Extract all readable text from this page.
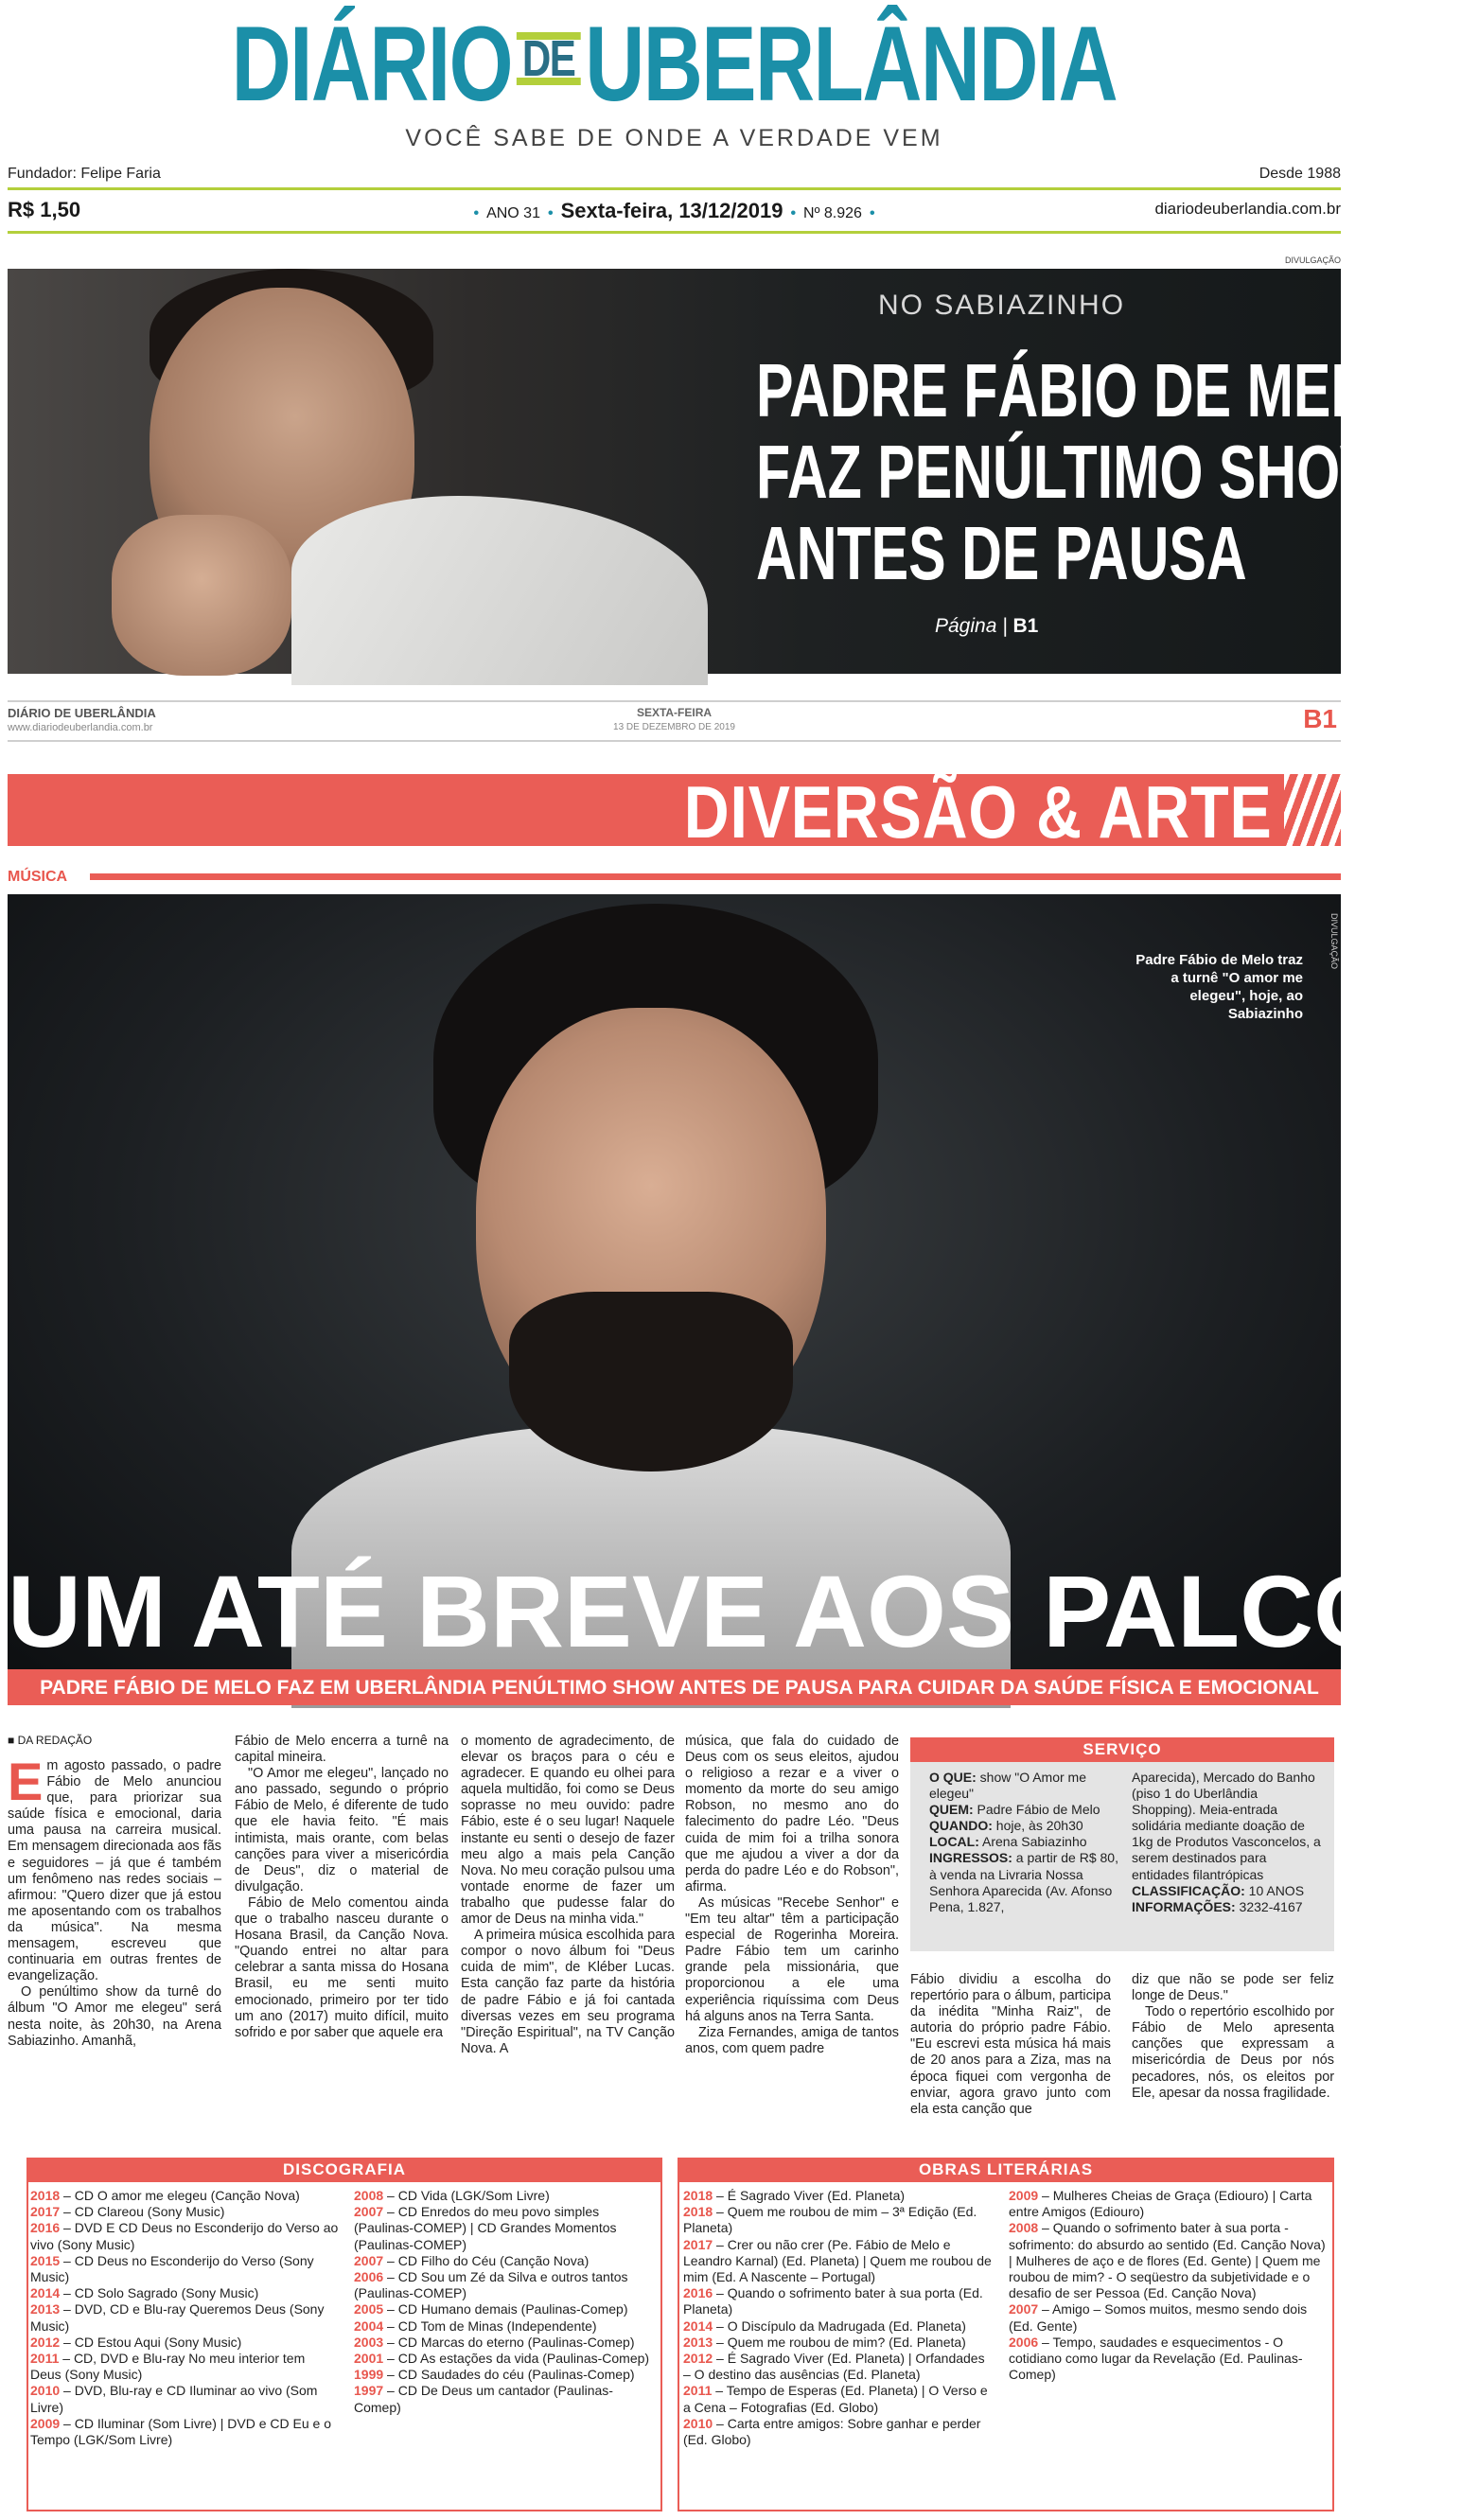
DIÁRIO DEUBERLÂNDIA
VOCÊ SABE DE ONDE A VERDADE VEM
Fundador: Felipe Faria	Desde 1988
R$ 1,50	• ANO 31 • Sexta-feira, 13/12/2019 • Nº 8.926 •	diariodeuberlandia.com.br
NO SABIAZINHO
PADRE FÁBIO DE MELO
FAZ PENÚLTIMO SHOW
ANTES DE PAUSA
Página | B1
DIVULGAÇÃO
DIÁRIO DE UBERLÂNDIA
www.diariodeuberlandia.com.br
SEXTA-FEIRA
13 DE DEZEMBRO DE 2019	B1
DIVERSÃO & ARTE
MÚSICA
Padre Fábio de Melo traz a turnê "O amor me elegeu", hoje, ao Sabiazinho
DIVULGAÇÃO
UM ATÉ BREVE AOS PALCOS
PADRE FÁBIO DE MELO FAZ EM UBERLÂNDIA PENÚLTIMO SHOW ANTES DE PAUSA PARA CUIDAR DA SAÚDE FÍSICA E EMOCIONAL
■ DA REDAÇÃO

Em agosto passado, o padre Fábio de Melo anunciou que, para priorizar sua saúde física e emocional, daria uma pausa na carreira musical. Em mensagem direcionada aos fãs e seguidores – já que é também um fenômeno nas redes sociais – afirmou: "Quero dizer que já estou me aposentando com os trabalhos da música". Na mesma mensagem, escreveu que continuaria em outras frentes de evangelização.

O penúltimo show da turnê do álbum "O Amor me elegeu" será nesta noite, às 20h30, na Arena Sabiazinho. Amanhã,

Fábio de Melo encerra a turnê na capital mineira.

"O Amor me elegeu", lançado no ano passado, segundo o próprio Fábio de Melo, é diferente de tudo que ele havia feito. "É mais intimista, mais orante, com belas canções para viver a misericórdia de Deus", diz o material de divulgação.

Fábio de Melo comentou ainda que o trabalho nasceu durante o Hosana Brasil, da Canção Nova. "Quando entrei no altar para celebrar a santa missa do Hosana Brasil, eu me senti muito emocionado, primeiro por ter tido um ano (2017) muito difícil, muito sofrido e por saber que aquele era

o momento de agradecimento, de elevar os braços para o céu e agradecer. E quando eu olhei para aquela multidão, foi como se Deus soprasse no meu ouvido: padre Fábio, este é o seu lugar! Naquele instante eu senti o desejo de fazer meu algo a mais pela Canção Nova. No meu coração pulsou uma vontade enorme de fazer um trabalho que pudesse falar do amor de Deus na minha vida."

A primeira música escolhida para compor o novo álbum foi "Deus cuida de mim", de Kléber Lucas. Esta canção faz parte da história de padre Fábio e já foi cantada diversas vezes em seu programa "Direção Espiritual", na TV Canção Nova. A

música, que fala do cuidado de Deus com os seus eleitos, ajudou o religioso a rezar e a viver o momento da morte do seu amigo Robson, no mesmo ano do falecimento do padre Léo. "Deus cuida de mim foi a trilha sonora que me ajudou a viver a dor da perda do padre Léo e do Robson", afirma.

As músicas "Recebe Senhor" e "Em teu altar" têm a participação especial de Rogerinha Moreira. Padre Fábio tem um carinho grande pela missionária, que proporcionou a ele uma experiência riquíssima com Deus há alguns anos na Terra Santa.

Ziza Fernandes, amiga de tantos anos, com quem padre

SERVIÇO
O QUE: show "O Amor me elegeu"
QUEM: Padre Fábio de Melo
QUANDO: hoje, às 20h30
LOCAL: Arena Sabiazinho
INGRESSOS: a partir de R$ 80, à venda na Livraria Nossa Senhora Aparecida (Av. Afonso Pena, 1.827,
Aparecida), Mercado do Banho (piso 1 do Uberlândia Shopping). Meia-entrada solidária mediante doação de 1kg de Produtos Vasconcelos, a serem destinados para entidades filantrópicas
CLASSIFICAÇÃO: 10 ANOS
INFORMAÇÕES: 3232-4167

Fábio dividiu a escolha do repertório para o álbum, participa da inédita "Minha Raiz", de autoria do próprio padre Fábio. "Eu escrevi esta música há mais de 20 anos para a Ziza, mas na época fiquei com vergonha de enviar, agora gravo junto com ela esta canção que

diz que não se pode ser feliz longe de Deus."

Todo o repertório escolhido por Fábio de Melo apresenta canções que expressam a misericórdia de Deus por nós pecadores, nós, os eleitos por Ele, apesar da nossa fragilidade.

DISCOGRAFIA
2018 – CD O amor me elegeu (Canção Nova)
2017 – CD Clareou (Sony Music)
2016 – DVD E CD Deus no Esconderijo do Verso ao vivo (Sony Music)
2015 – CD Deus no Esconderijo do Verso (Sony Music)
2014 – CD Solo Sagrado (Sony Music)
2013 – DVD, CD e Blu-ray Queremos Deus (Sony Music)
2012 – CD Estou Aqui (Sony Music)
2011 – CD, DVD e Blu-ray No meu interior tem Deus (Sony Music)
2010 – DVD, Blu-ray e CD Iluminar ao vivo (Som Livre)
2009 – CD Iluminar (Som Livre) | DVD e CD Eu e o Tempo (LGK/Som Livre)
2008 – CD Vida (LGK/Som Livre)
2007 – CD Enredos do meu povo simples (Paulinas-COMEP) | CD Grandes Momentos (Paulinas-COMEP)
2007 – CD Filho do Céu (Canção Nova)
2006 – CD Sou um Zé da Silva e outros tantos (Paulinas-COMEP)
2005 – CD Humano demais (Paulinas-Comep)
2004 – CD Tom de Minas (Independente)
2003 – CD Marcas do eterno (Paulinas-Comep)
2001 – CD As estações da vida (Paulinas-Comep)
1999 – CD Saudades do céu (Paulinas-Comep)
1997 – CD De Deus um cantador (Paulinas-Comep)
OBRAS LITERÁRIAS
2018 – É Sagrado Viver (Ed. Planeta)
2018 – Quem me roubou de mim – 3ª Edição (Ed. Planeta)
2017 – Crer ou não crer (Pe. Fábio de Melo e Leandro Karnal) (Ed. Planeta) | Quem me roubou de mim (Ed. A Nascente – Portugal)
2016 – Quando o sofrimento bater à sua porta (Ed. Planeta)
2014 – O Discípulo da Madrugada (Ed. Planeta)
2013 – Quem me roubou de mim? (Ed. Planeta)
2012 – É Sagrado Viver (Ed. Planeta) | Orfandades – O destino das ausências (Ed. Planeta)
2011 – Tempo de Esperas (Ed. Planeta) | O Verso e a Cena – Fotografias (Ed. Globo)
2010 – Carta entre amigos: Sobre ganhar e perder (Ed. Globo)
2009 – Mulheres Cheias de Graça (Ediouro) | Carta entre Amigos (Ediouro)
2008 – Quando o sofrimento bater à sua porta - sofrimento: do absurdo ao sentido (Ed. Canção Nova) | Mulheres de aço e de flores (Ed. Gente) | Quem me roubou de mim? - O seqüestro da subjetividade e o desafio de ser Pessoa (Ed. Canção Nova)
2007 – Amigo – Somos muitos, mesmo sendo dois (Ed. Gente)
2006 – Tempo, saudades e esquecimentos - O cotidiano como lugar da Revelação (Ed. Paulinas-Comep)
